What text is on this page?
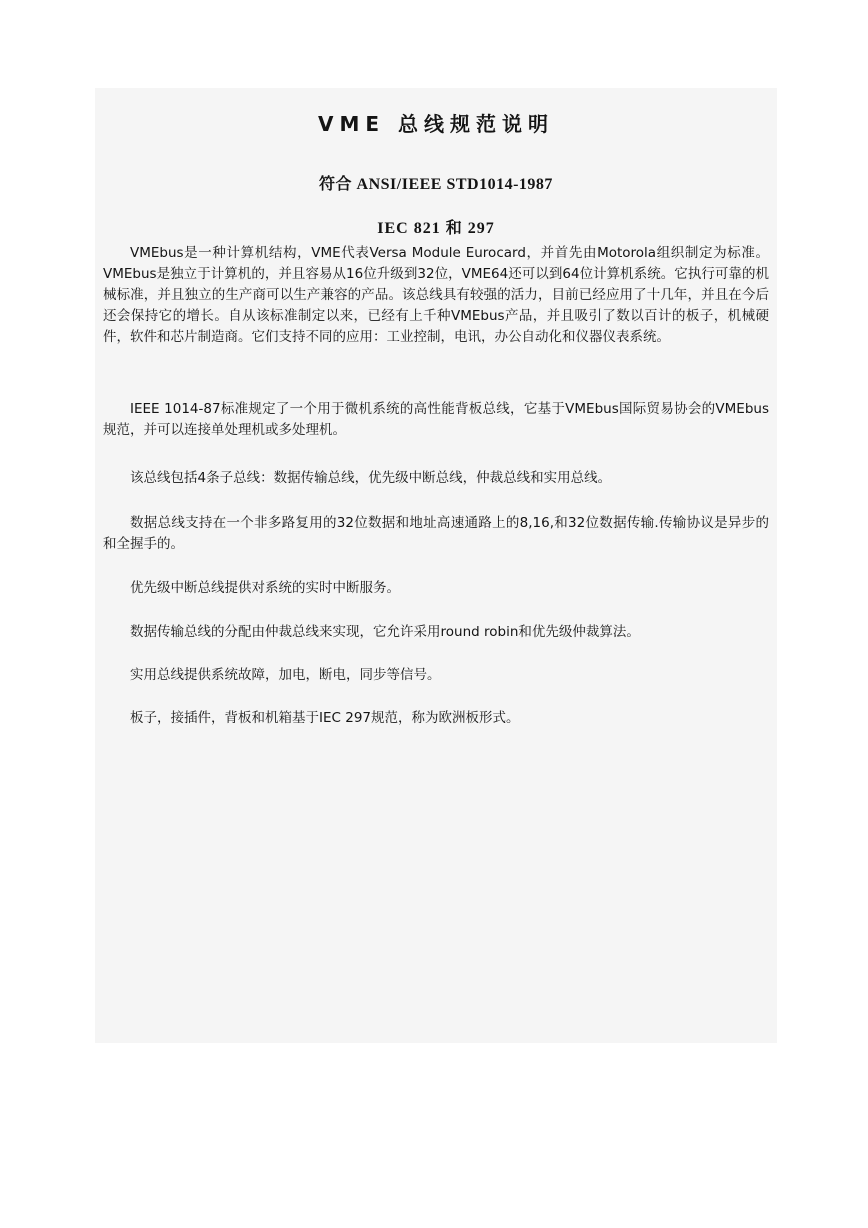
VME 总线规范说明
符合 ANSI/IEEE STD1014-1987
IEC 821 和 297

VMEbus是一种计算机结构，VME代表Versa Module Eurocard，并首先由Motorola组织制定为标准。VMEbus是独立于计算机的，并且容易从16位升级到32位，VME64还可以到64位计算机系统。它执行可靠的机械标准，并且独立的生产商可以生产兼容的产品。该总线具有较强的活力，目前已经应用了十几年，并且在今后还会保持它的增长。自从该标准制定以来，已经有上千种VMEbus产品，并且吸引了数以百计的板子，机械硬件，软件和芯片制造商。它们支持不同的应用：工业控制，电讯，办公自动化和仪器仪表系统。

IEEE 1014-87标准规定了一个用于微机系统的高性能背板总线，它基于VMEbus国际贸易协会的VMEbus规范，并可以连接单处理机或多处理机。

该总线包括4条子总线：数据传输总线，优先级中断总线，仲裁总线和实用总线。

数据总线支持在一个非多路复用的32位数据和地址高速通路上的8,16,和32位数据传输.传输协议是异步的和全握手的。

优先级中断总线提供对系统的实时中断服务。

数据传输总线的分配由仲裁总线来实现，它允许采用round robin和优先级仲裁算法。

实用总线提供系统故障，加电，断电，同步等信号。

板子，接插件，背板和机箱基于IEC 297规范，称为欧洲板形式。
